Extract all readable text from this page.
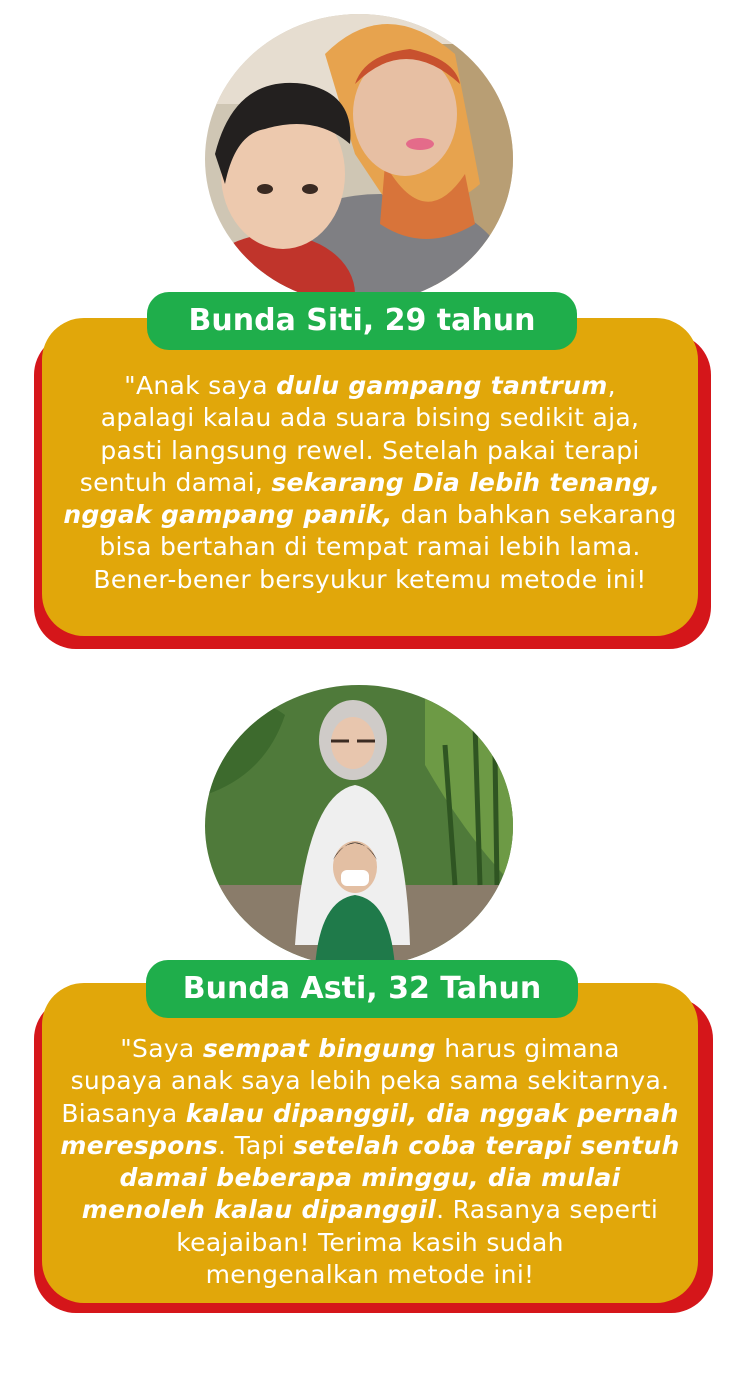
"Anak saya dulu gampang tantrum,
apalagi kalau ada suara bising sedikit aja,
pasti langsung rewel. Setelah pakai terapi
sentuh damai, sekarang Dia lebih tenang,
nggak gampang panik, dan bahkan sekarang
bisa bertahan di tempat ramai lebih lama.
Bener-bener bersyukur ketemu metode ini!
Bunda Siti, 29 tahun
"Saya sempat bingung harus gimana
supaya anak saya lebih peka sama sekitarnya.
Biasanya kalau dipanggil, dia nggak pernah
merespons. Tapi setelah coba terapi sentuh
damai beberapa minggu, dia mulai
menoleh kalau dipanggil. Rasanya seperti
keajaiban! Terima kasih sudah
mengenalkan metode ini!
Bunda Asti, 32 Tahun
